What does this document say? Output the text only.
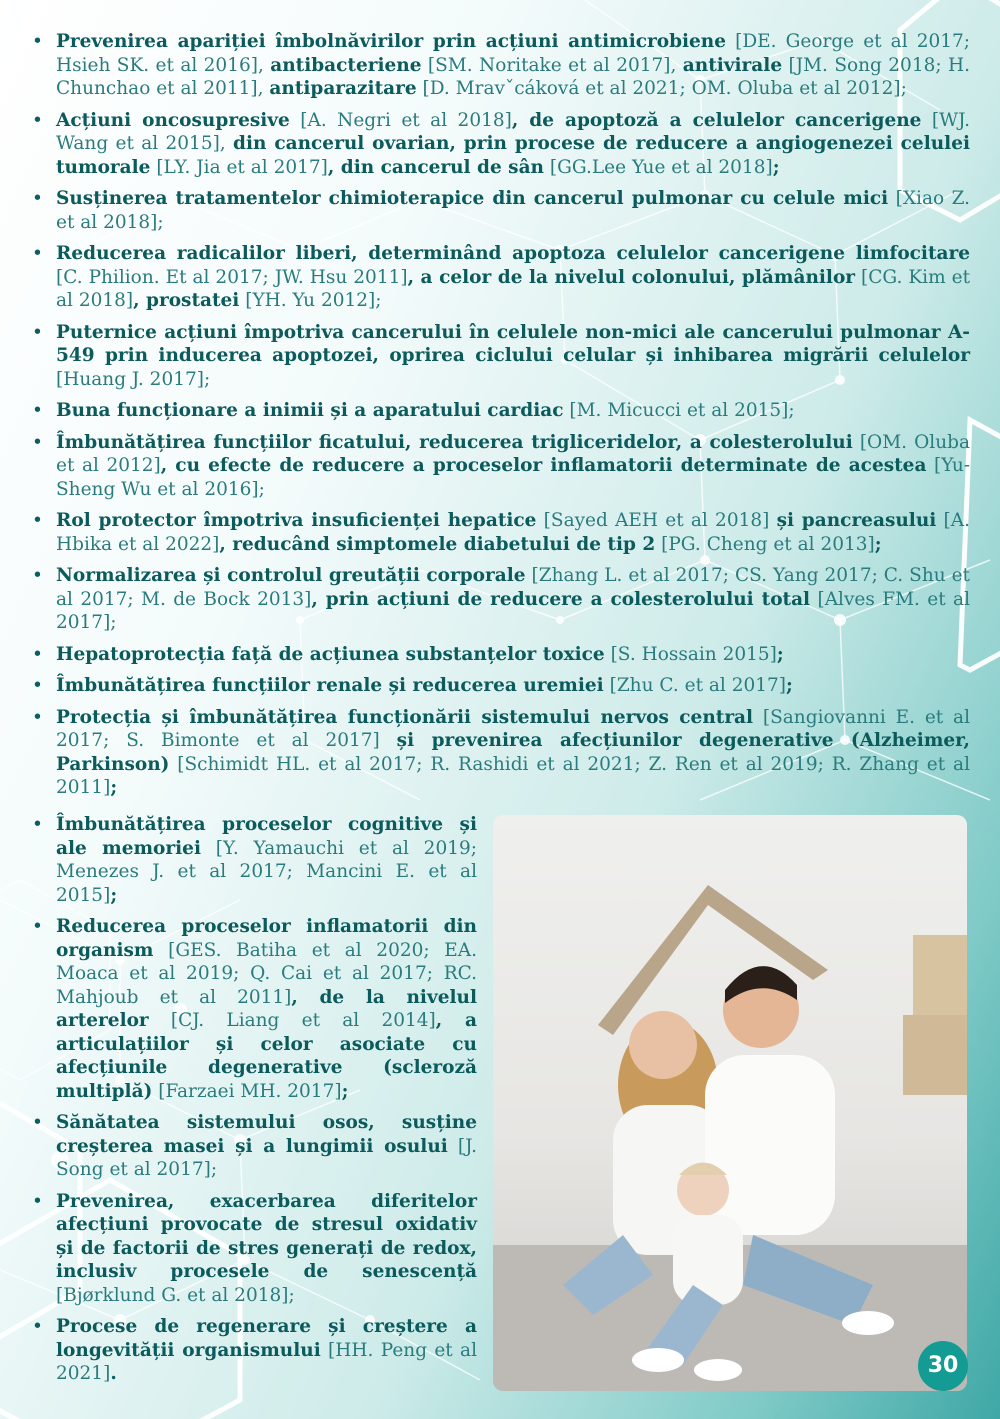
• Prevenirea apariției îmbolnăvirilor prin acțiuni antimicrobiene [DE. George et al 2017; Hsieh SK. et al 2016], antibacteriene [SM. Noritake et al 2017], antivirale [JM. Song 2018; H. Chunchao et al 2011], antiparazitare [D. Mravˇcáková et al 2021; OM. Oluba et al 2012];
• Acțiuni oncosupresive [A. Negri et al 2018], de apoptoză a celulelor cancerigene [WJ. Wang et al 2015], din cancerul ovarian, prin procese de reducere a angiogenezei celulei tumorale [LY. Jia et al 2017], din cancerul de sân [GG.Lee Yue et al 2018];
• Susținerea tratamentelor chimioterapice din cancerul pulmonar cu celule mici [Xiao Z. et al 2018];
• Reducerea radicalilor liberi, determinând apoptoza celulelor cancerigene limfocitare [C. Philion. Et al 2017; JW. Hsu 2011], a celor de la nivelul colonului, plămânilor [CG. Kim et al 2018], prostatei [YH. Yu 2012];
• Puternice acțiuni împotriva cancerului în celulele non-mici ale cancerului pulmonar A-549 prin inducerea apoptozei, oprirea ciclului celular și inhibarea migrării celulelor [Huang J. 2017];
• Buna funcționare a inimii și a aparatului cardiac [M. Micucci et al 2015];
• Îmbunătățirea funcțiilor ficatului, reducerea trigliceridelor, a colesterolului [OM. Oluba et al 2012], cu efecte de reducere a proceselor inflamatorii determinate de acestea [Yu-Sheng Wu et al 2016];
• Rol protector împotriva insuficienței hepatice [Sayed AEH et al 2018] și pancreasului [A. Hbika et al 2022], reducând simptomele diabetului de tip 2 [PG. Cheng et al 2013];
• Normalizarea și controlul greutății corporale [Zhang L. et al 2017; CS. Yang 2017; C. Shu et al 2017; M. de Bock 2013], prin acțiuni de reducere a colesterolului total [Alves FM. et al 2017];
• Hepatoprotecția față de acțiunea substanțelor toxice [S. Hossain 2015];
• Îmbunătățirea funcțiilor renale și reducerea uremiei [Zhu C. et al 2017];
• Protecția și îmbunătățirea funcționării sistemului nervos central [Sangiovanni E. et al 2017; S. Bimonte et al 2017] și prevenirea afecțiunilor degenerative (Alzheimer, Parkinson) [Schimidt HL. et al 2017; R. Rashidi et al 2021; Z. Ren et al 2019; R. Zhang et al 2011];
• Îmbunătățirea proceselor cognitive și ale memoriei [Y. Yamauchi et al 2019; Menezes J. et al 2017; Mancini E. et al 2015];
• Reducerea proceselor inflamatorii din organism [GES. Batiha et al 2020; EA. Moaca et al 2019; Q. Cai et al 2017; RC. Mahjoub et al 2011], de la nivelul arterelor [CJ. Liang et al 2014], a articulațiilor și celor asociate cu afecțiunile degenerative (scleroză multiplă) [Farzaei MH. 2017];
• Sănătatea sistemului osos, susține creșterea masei și a lungimii osului [J. Song et al 2017];
• Prevenirea, exacerbarea diferitelor afecțiuni provocate de stresul oxidativ și de factorii de stres generați de redox, inclusiv procesele de senescență [Bjørklund G. et al 2018];
• Procese de regenerare și creștere a longevității organismului [HH. Peng et al 2021].	30
